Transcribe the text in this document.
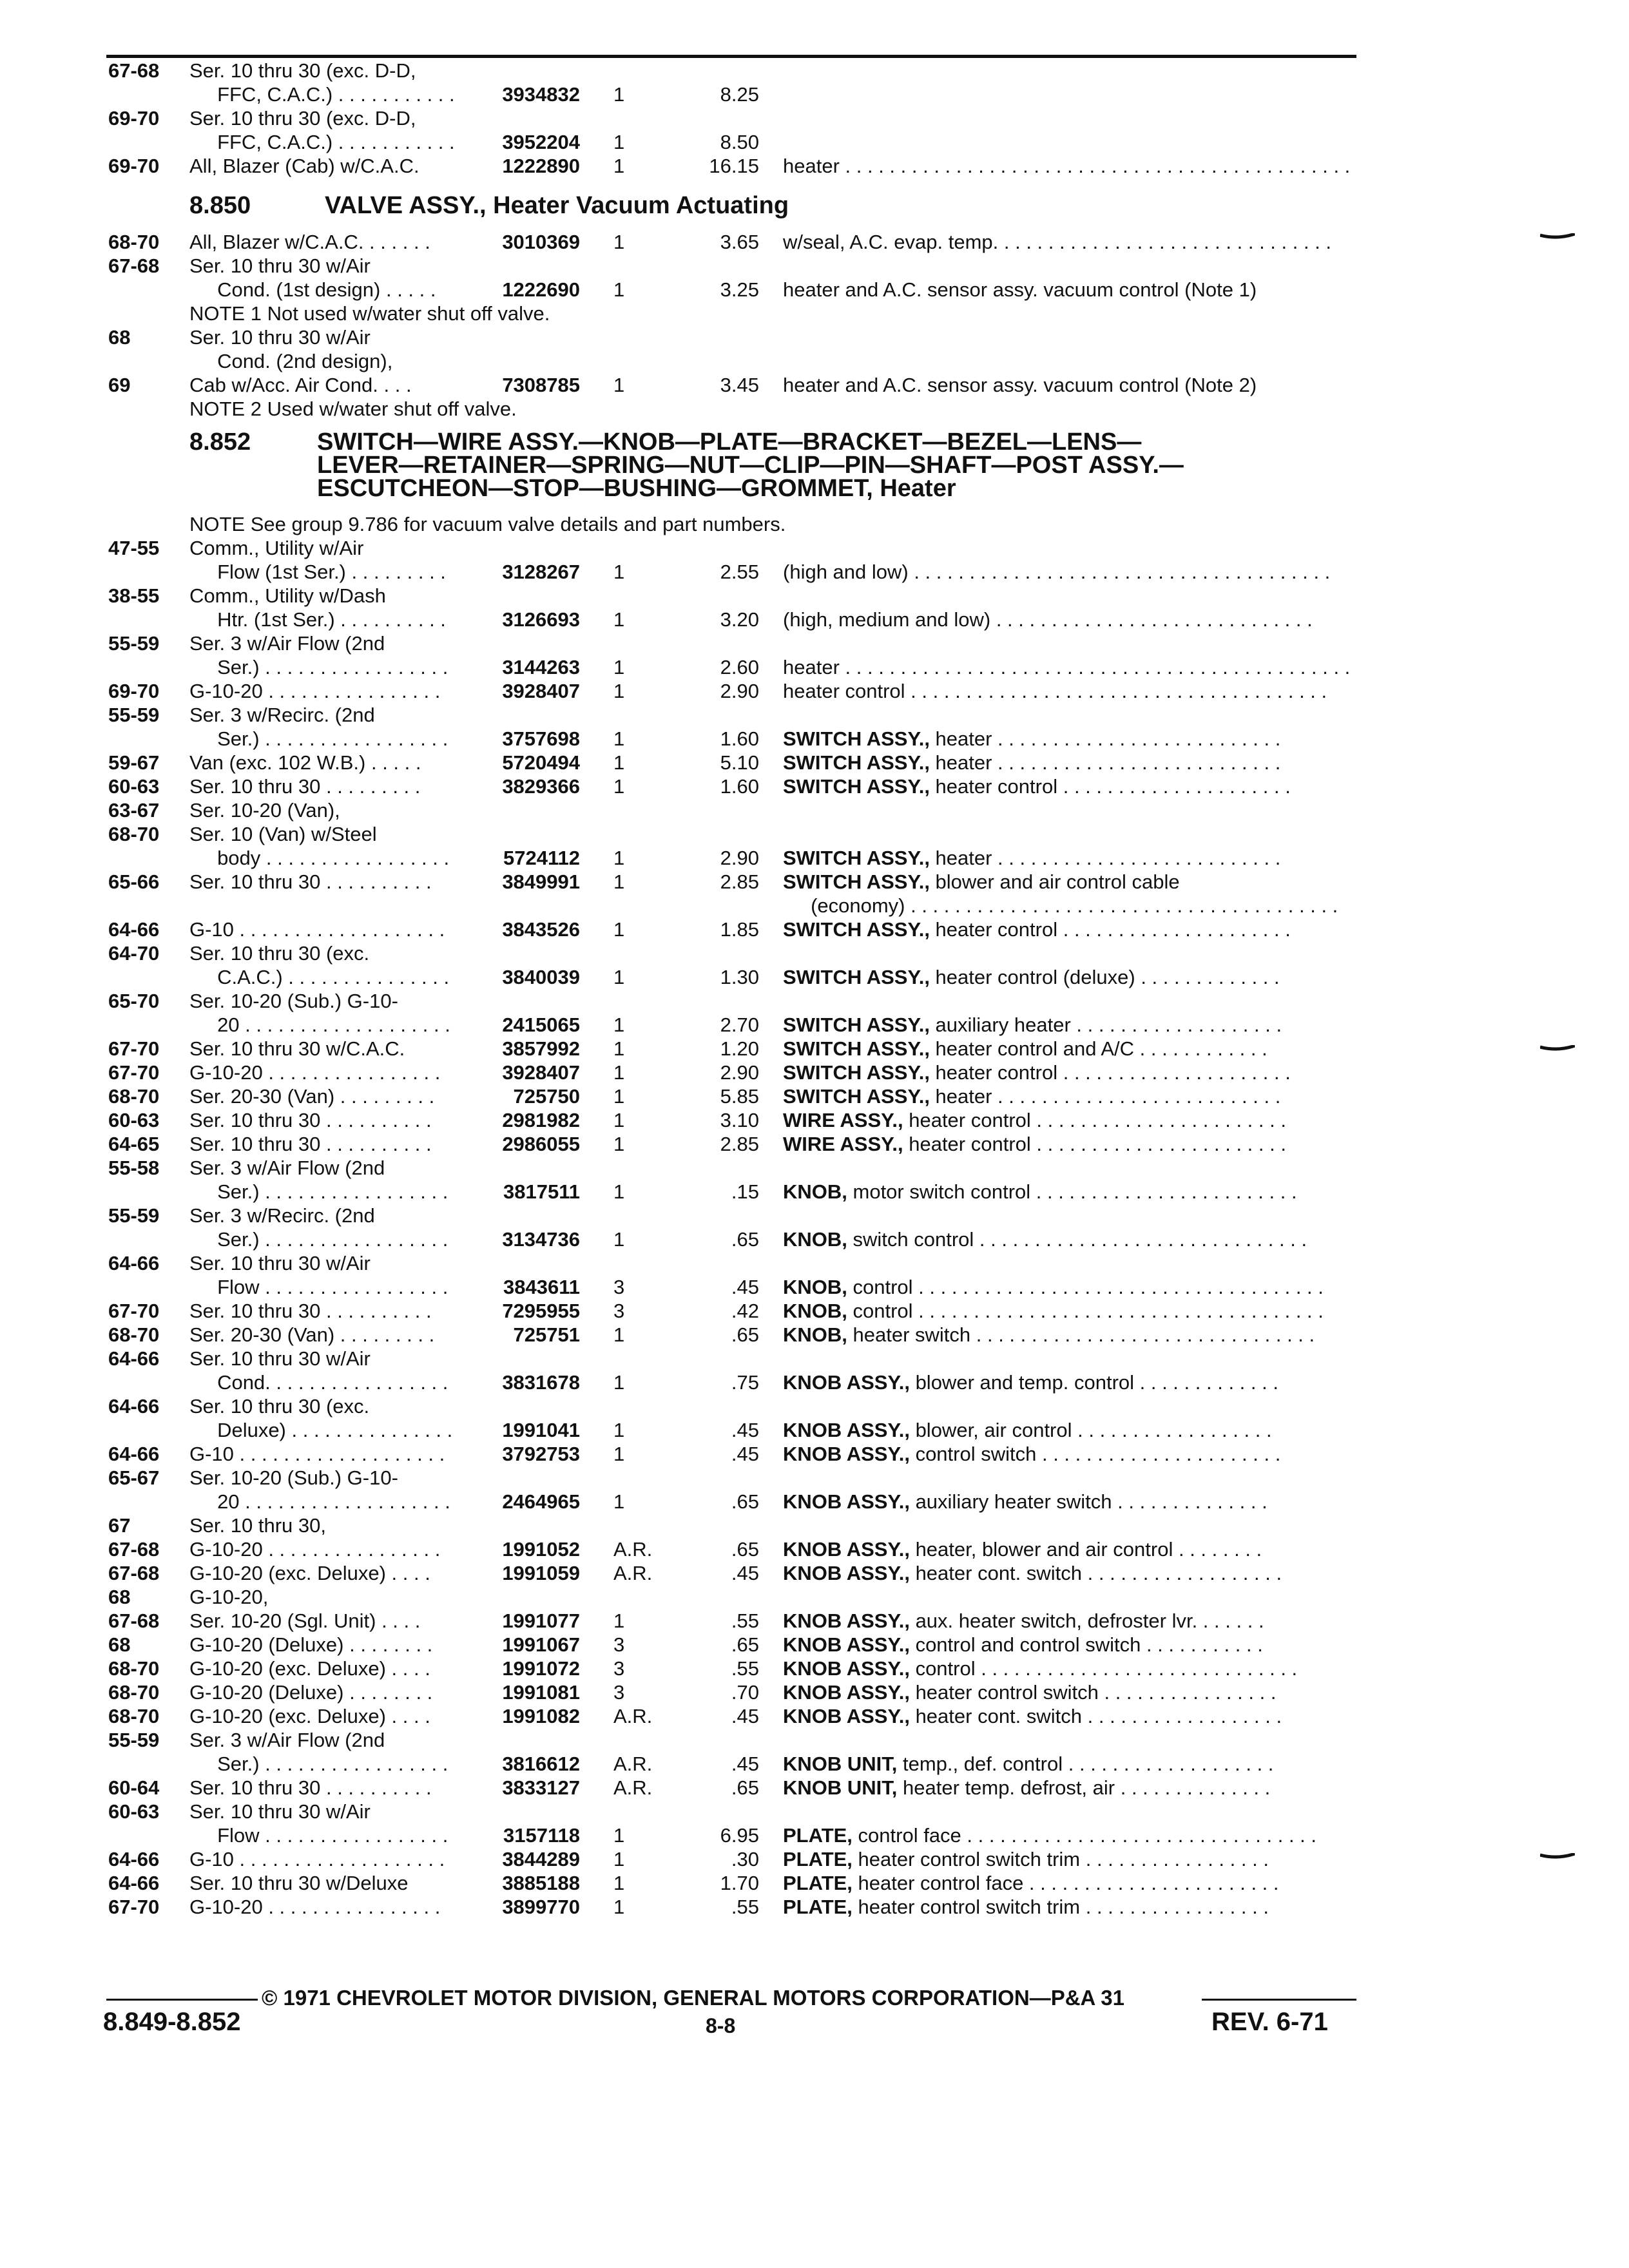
67-68 Ser. 10 thru 30 (exc. D-D,
FFC, C.A.C.) . . . . . . . . . . . 3934832 1	8.25
69-70 Ser. 10 thru 30 (exc. D-D,
FFC, C.A.C.) . . . . . . . . . . . 3952204 1	8.50
69-70 All, Blazer (Cab) w/C.A.C.	1222890 1	16.15 heater . . . . . . . . . . . . . . . . . . . . . . . . . . . . . . . . . . . . . . . . . . . . . .
8.850	VALVE ASSY., Heater Vacuum Actuating
68-70 All, Blazer w/C.A.C. . . . . . .	3010369 1	3.65 w/seal, A.C. evap. temp. . . . . . . . . . . . . . . . . . . . . . . . . . . . . . .
67-68 Ser. 10 thru 30 w/Air
Cond. (1st design) . . . . .	1222690 1	3.25 heater and A.C. sensor assy. vacuum control (Note 1)
NOTE 1 Not used w/water shut off valve.
68	Ser. 10 thru 30 w/Air
Cond. (2nd design),
69	Cab w/Acc. Air Cond. . . .	7308785 1	3.45 heater and A.C. sensor assy. vacuum control (Note 2)
NOTE 2 Used w/water shut off valve.
8.852	SWITCH—WIRE ASSY.—KNOB—PLATE—BRACKET—BEZEL—LENS—
LEVER—RETAINER—SPRING—NUT—CLIP—PIN—SHAFT—POST ASSY.—
ESCUTCHEON—STOP—BUSHING—GROMMET, Heater
NOTE See group 9.786 for vacuum valve details and part numbers.
47-55 Comm., Utility w/Air
Flow (1st Ser.) . . . . . . . . .	3128267 1	2.55 (high and low) . . . . . . . . . . . . . . . . . . . . . . . . . . . . . . . . . . . . . .
38-55 Comm., Utility w/Dash
Htr. (1st Ser.) . . . . . . . . . .	3126693 1	3.20 (high, medium and low) . . . . . . . . . . . . . . . . . . . . . . . . . . . . .
55-59 Ser. 3 w/Air Flow (2nd
Ser.) . . . . . . . . . . . . . . . . .	3144263 1	2.60 heater . . . . . . . . . . . . . . . . . . . . . . . . . . . . . . . . . . . . . . . . . . . . . .
69-70 G-10-20 . . . . . . . . . . . . . . . .	3928407 1	2.90 heater control . . . . . . . . . . . . . . . . . . . . . . . . . . . . . . . . . . . . . .
55-59 Ser. 3 w/Recirc. (2nd
Ser.) . . . . . . . . . . . . . . . . .	3757698 1	1.60 SWITCH ASSY., heater . . . . . . . . . . . . . . . . . . . . . . . . . .
59-67 Van (exc. 102 W.B.) . . . . .	5720494 1	5.10 SWITCH ASSY., heater . . . . . . . . . . . . . . . . . . . . . . . . . .
60-63 Ser. 10 thru 30 . . . . . . . . .	3829366 1	1.60 SWITCH ASSY., heater control . . . . . . . . . . . . . . . . . . . . .
63-67 Ser. 10-20 (Van),
68-70 Ser. 10 (Van) w/Steel
body . . . . . . . . . . . . . . . . .	5724112 1	2.90 SWITCH ASSY., heater . . . . . . . . . . . . . . . . . . . . . . . . . .
65-66 Ser. 10 thru 30 . . . . . . . . . .	3849991 1	2.85 SWITCH ASSY., blower and air control cable
(economy) . . . . . . . . . . . . . . . . . . . . . . . . . . . . . . . . . . . . . . .
64-66 G-10 . . . . . . . . . . . . . . . . . . .	3843526 1	1.85 SWITCH ASSY., heater control . . . . . . . . . . . . . . . . . . . . .
64-70 Ser. 10 thru 30 (exc.
C.A.C.) . . . . . . . . . . . . . . .	3840039 1	1.30 SWITCH ASSY., heater control (deluxe) . . . . . . . . . . . . .
65-70 Ser. 10-20 (Sub.) G-10-
20 . . . . . . . . . . . . . . . . . . .	2415065 1	2.70 SWITCH ASSY., auxiliary heater . . . . . . . . . . . . . . . . . . .
67-70 Ser. 10 thru 30 w/C.A.C.	3857992 1	1.20 SWITCH ASSY., heater control and A/C . . . . . . . . . . . .
67-70 G-10-20 . . . . . . . . . . . . . . . .	3928407 1	2.90 SWITCH ASSY., heater control . . . . . . . . . . . . . . . . . . . . .
68-70 Ser. 20-30 (Van) . . . . . . . . .	725750 1	5.85 SWITCH ASSY., heater . . . . . . . . . . . . . . . . . . . . . . . . . .
60-63 Ser. 10 thru 30 . . . . . . . . . .	2981982 1	3.10 WIRE ASSY., heater control . . . . . . . . . . . . . . . . . . . . . . .
64-65 Ser. 10 thru 30 . . . . . . . . . .	2986055 1	2.85 WIRE ASSY., heater control . . . . . . . . . . . . . . . . . . . . . . .
55-58 Ser. 3 w/Air Flow (2nd
Ser.) . . . . . . . . . . . . . . . . .	3817511 1	.15 KNOB, motor switch control . . . . . . . . . . . . . . . . . . . . . . . .
55-59 Ser. 3 w/Recirc. (2nd
Ser.) . . . . . . . . . . . . . . . . .	3134736 1	.65 KNOB, switch control . . . . . . . . . . . . . . . . . . . . . . . . . . . . . .
64-66 Ser. 10 thru 30 w/Air
Flow . . . . . . . . . . . . . . . . .	3843611 3	.45 KNOB, control . . . . . . . . . . . . . . . . . . . . . . . . . . . . . . . . . . . . .
67-70 Ser. 10 thru 30 . . . . . . . . . .	7295955 3	.42 KNOB, control . . . . . . . . . . . . . . . . . . . . . . . . . . . . . . . . . . . . .
68-70 Ser. 20-30 (Van) . . . . . . . . .	725751 1	.65 KNOB, heater switch . . . . . . . . . . . . . . . . . . . . . . . . . . . . . . .
64-66 Ser. 10 thru 30 w/Air
Cond. . . . . . . . . . . . . . . . .	3831678 1	.75 KNOB ASSY., blower and temp. control . . . . . . . . . . . . .
64-66 Ser. 10 thru 30 (exc.
Deluxe) . . . . . . . . . . . . . . . 1991041 1	.45 KNOB ASSY., blower, air control . . . . . . . . . . . . . . . . . .
64-66 G-10 . . . . . . . . . . . . . . . . . . .	3792753 1	.45 KNOB ASSY., control switch . . . . . . . . . . . . . . . . . . . . . .
65-67 Ser. 10-20 (Sub.) G-10-
20 . . . . . . . . . . . . . . . . . . .	2464965 1	.65 KNOB ASSY., auxiliary heater switch . . . . . . . . . . . . . .
67	Ser. 10 thru 30,
67-68 G-10-20 . . . . . . . . . . . . . . . .	1991052 A.R.	.65 KNOB ASSY., heater, blower and air control . . . . . . . .
67-68 G-10-20 (exc. Deluxe) . . . .	1991059 A.R.	.45 KNOB ASSY., heater cont. switch . . . . . . . . . . . . . . . . . .
68	G-10-20,
67-68 Ser. 10-20 (Sgl. Unit) . . . .	1991077 1	.55 KNOB ASSY., aux. heater switch, defroster lvr. . . . . . .
68	G-10-20 (Deluxe) . . . . . . . .	1991067 3	.65 KNOB ASSY., control and control switch . . . . . . . . . . .
68-70 G-10-20 (exc. Deluxe) . . . .	1991072 3	.55 KNOB ASSY., control . . . . . . . . . . . . . . . . . . . . . . . . . . . . .
68-70 G-10-20 (Deluxe) . . . . . . . .	1991081 3	.70 KNOB ASSY., heater control switch . . . . . . . . . . . . . . . .
68-70 G-10-20 (exc. Deluxe) . . . .	1991082 A.R.	.45 KNOB ASSY., heater cont. switch . . . . . . . . . . . . . . . . . .
55-59 Ser. 3 w/Air Flow (2nd
Ser.) . . . . . . . . . . . . . . . . .	3816612 A.R.	.45 KNOB UNIT, temp., def. control . . . . . . . . . . . . . . . . . . .
60-64 Ser. 10 thru 30 . . . . . . . . . .	3833127 A.R.	.65 KNOB UNIT, heater temp. defrost, air . . . . . . . . . . . . . .
60-63 Ser. 10 thru 30 w/Air
Flow . . . . . . . . . . . . . . . . .	3157118 1	6.95 PLATE, control face . . . . . . . . . . . . . . . . . . . . . . . . . . . . . . . .
64-66 G-10 . . . . . . . . . . . . . . . . . . .	3844289 1	.30 PLATE, heater control switch trim . . . . . . . . . . . . . . . . .
64-66 Ser. 10 thru 30 w/Deluxe	3885188 1	1.70 PLATE, heater control face . . . . . . . . . . . . . . . . . . . . . . .
67-70 G-10-20 . . . . . . . . . . . . . . . .	3899770 1	.55 PLATE, heater control switch trim . . . . . . . . . . . . . . . . .
© 1971 CHEVROLET MOTOR DIVISION, GENERAL MOTORS CORPORATION—P&A 31
8.849-8.852	8-8	REV. 6-71
